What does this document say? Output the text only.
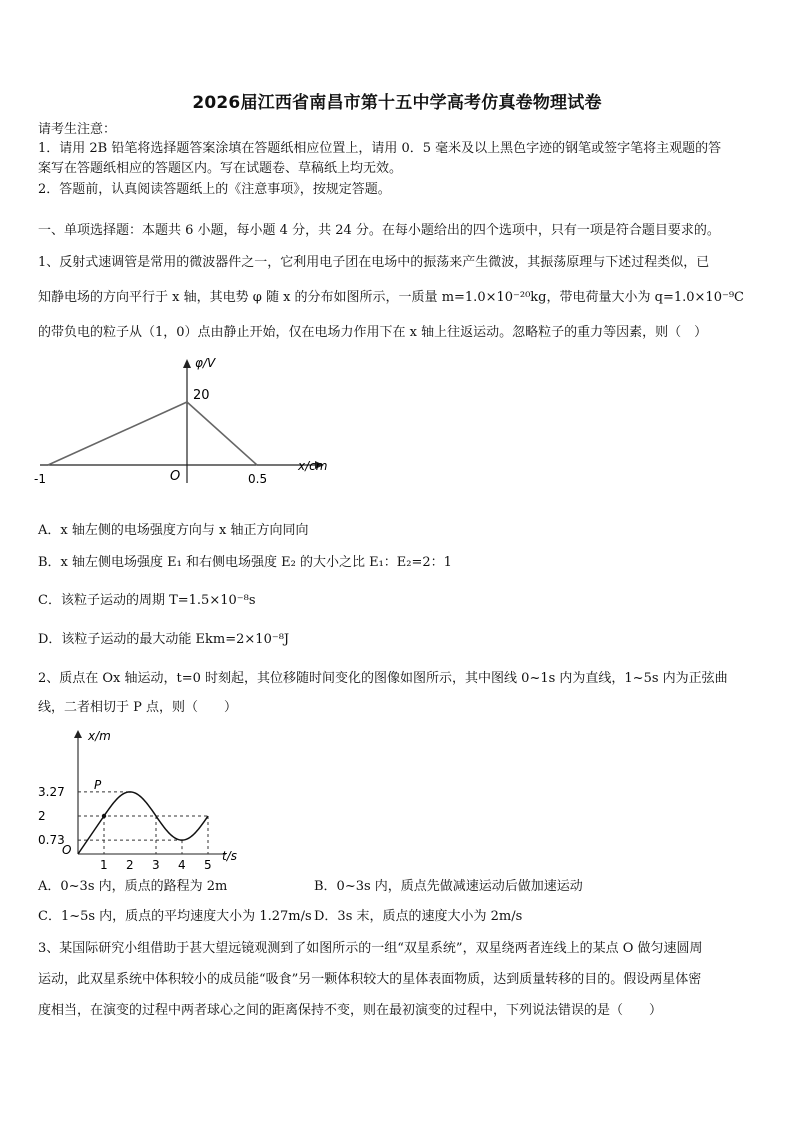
2026届江西省南昌市第十五中学高考仿真卷物理试卷
请考生注意：
1．请用 2B 铅笔将选择题答案涂填在答题纸相应位置上，请用 0．5 毫米及以上黑色字迹的钢笔或签字笔将主观题的答
案写在答题纸相应的答题区内。写在试题卷、草稿纸上均无效。
2．答题前，认真阅读答题纸上的《注意事项》，按规定答题。
一、单项选择题：本题共 6 小题，每小题 4 分，共 24 分。在每小题给出的四个选项中，只有一项是符合题目要求的。
1、反射式速调管是常用的微波器件之一，它利用电子团在电场中的振荡来产生微波，其振荡原理与下述过程类似，已
知静电场的方向平行于 x 轴，其电势 φ 随 x 的分布如图所示，一质量 m=1.0×10⁻²⁰kg，带电荷量大小为 q=1.0×10⁻⁹C
的带负电的粒子从（1，0）点由静止开始，仅在电场力作用下在 x 轴上往返运动。忽略粒子的重力等因素，则（　）
φ/V
x/cm
20
O
-1	0.5
A．x 轴左侧的电场强度方向与 x 轴正方向同向
B．x 轴左侧电场强度 E₁ 和右侧电场强度 E₂ 的大小之比 E₁：E₂=2：1
C．该粒子运动的周期 T=1.5×10⁻⁸s
D．该粒子运动的最大动能 Ekm=2×10⁻⁸J
2、质点在 Ox 轴运动，t=0 时刻起，其位移随时间变化的图像如图所示，其中图线 0~1s 内为直线，1~5s 内为正弦曲
线，二者相切于 P 点，则（　　）
x/m
t/s
O
P
3.27
2
0.73
1 2 3 4 5
A．0~3s 内，质点的路程为 2m	B．0~3s 内，质点先做减速运动后做加速运动
C．1~5s 内，质点的平均速度大小为 1.27m/s D．3s 末，质点的速度大小为 2m/s
3、某国际研究小组借助于甚大望远镜观测到了如图所示的一组“双星系统”，双星绕两者连线上的某点 O 做匀速圆周
运动，此双星系统中体积较小的成员能“吸食”另一颗体积较大的星体表面物质，达到质量转移的目的。假设两星体密
度相当，在演变的过程中两者球心之间的距离保持不变，则在最初演变的过程中，下列说法错误的是（　　）
